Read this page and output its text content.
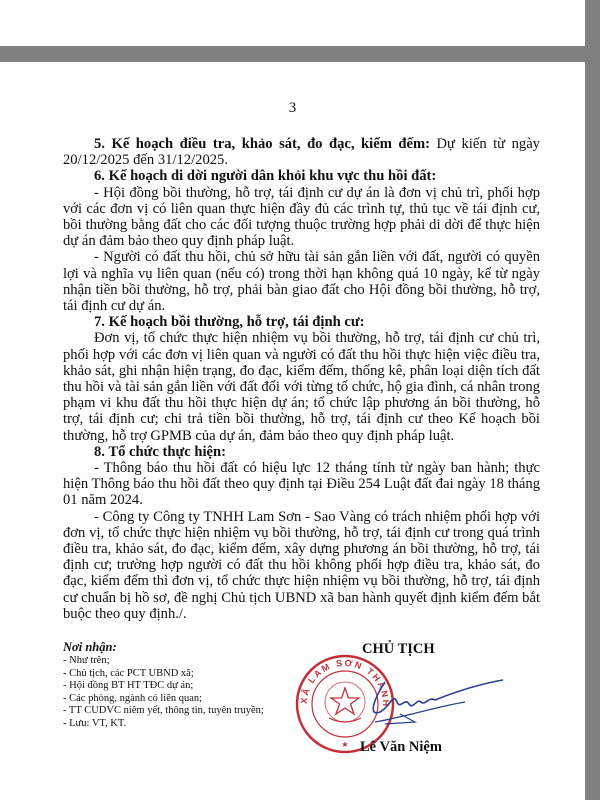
3

5. Kế hoạch điều tra, khảo sát, đo đạc, kiểm đếm: Dự kiến từ ngày 20/12/2025 đến 31/12/2025.

6. Kế hoạch di dời người dân khỏi khu vực thu hồi đất:

- Hội đồng bồi thường, hỗ trợ, tái định cư dự án là đơn vị chủ trì, phối hợp với các đơn vị có liên quan thực hiện đầy đủ các trình tự, thủ tục về tái định cư, bồi thường bằng đất cho các đối tượng thuộc trường hợp phải di dời để thực hiện dự án đảm bảo theo quy định pháp luật.

- Người có đất thu hồi, chủ sở hữu tài sản gắn liền với đất, người có quyền lợi và nghĩa vụ liên quan (nếu có) trong thời hạn không quá 10 ngày, kể từ ngày nhận tiền bồi thường, hỗ trợ, phải bàn giao đất cho Hội đồng bồi thường, hỗ trợ, tái định cư dự án.

7. Kế hoạch bồi thường, hỗ trợ, tái định cư:

Đơn vị, tổ chức thực hiện nhiệm vụ bồi thường, hỗ trợ, tái định cư chủ trì, phối hợp với các đơn vị liên quan và người có đất thu hồi thực hiện việc điều tra, khảo sát, ghi nhận hiện trạng, đo đạc, kiểm đếm, thống kê, phân loại diện tích đất thu hồi và tài sản gắn liền với đất đối với từng tổ chức, hộ gia đình, cá nhân trong phạm vi khu đất thu hồi thực hiện dự án; tổ chức lập phương án bồi thường, hỗ trợ, tái định cư; chi trả tiền bồi thường, hỗ trợ, tái định cư theo Kế hoạch bồi thường, hỗ trợ GPMB của dự án, đảm bảo theo quy định pháp luật.

8. Tổ chức thực hiện:

- Thông báo thu hồi đất có hiệu lực 12 tháng tính từ ngày ban hành; thực hiện Thông báo thu hồi đất theo quy định tại Điều 254 Luật đất đai ngày 18 tháng 01 năm 2024.

- Công ty Công ty TNHH Lam Sơn - Sao Vàng có trách nhiệm phối hợp với đơn vị, tổ chức thực hiện nhiệm vụ bồi thường, hỗ trợ, tái định cư trong quá trình điều tra, khảo sát, đo đạc, kiểm đếm, xây dựng phương án bồi thường, hỗ trợ, tái định cư; trường hợp người có đất thu hồi không phối hợp điều tra, khảo sát, đo đạc, kiểm đếm thì đơn vị, tổ chức thực hiện nhiệm vụ bồi thường, hỗ trợ, tái định cư chuẩn bị hồ sơ, đề nghị Chủ tịch UBND xã ban hành quyết định kiểm đếm bắt buộc theo quy định./.

Nơi nhận:
- Như trên;
- Chủ tịch, các PCT UBND xã;
- Hội đồng BT HT TĐC dự án;
- Các phòng, ngành có liên quan;
- TT CUDVC niêm yết, thông tin, tuyên truyền;
- Lưu: VT, KT.
XÃ LAM SƠN THANH
★
CHỦ TỊCH
Lê Văn Niệm
